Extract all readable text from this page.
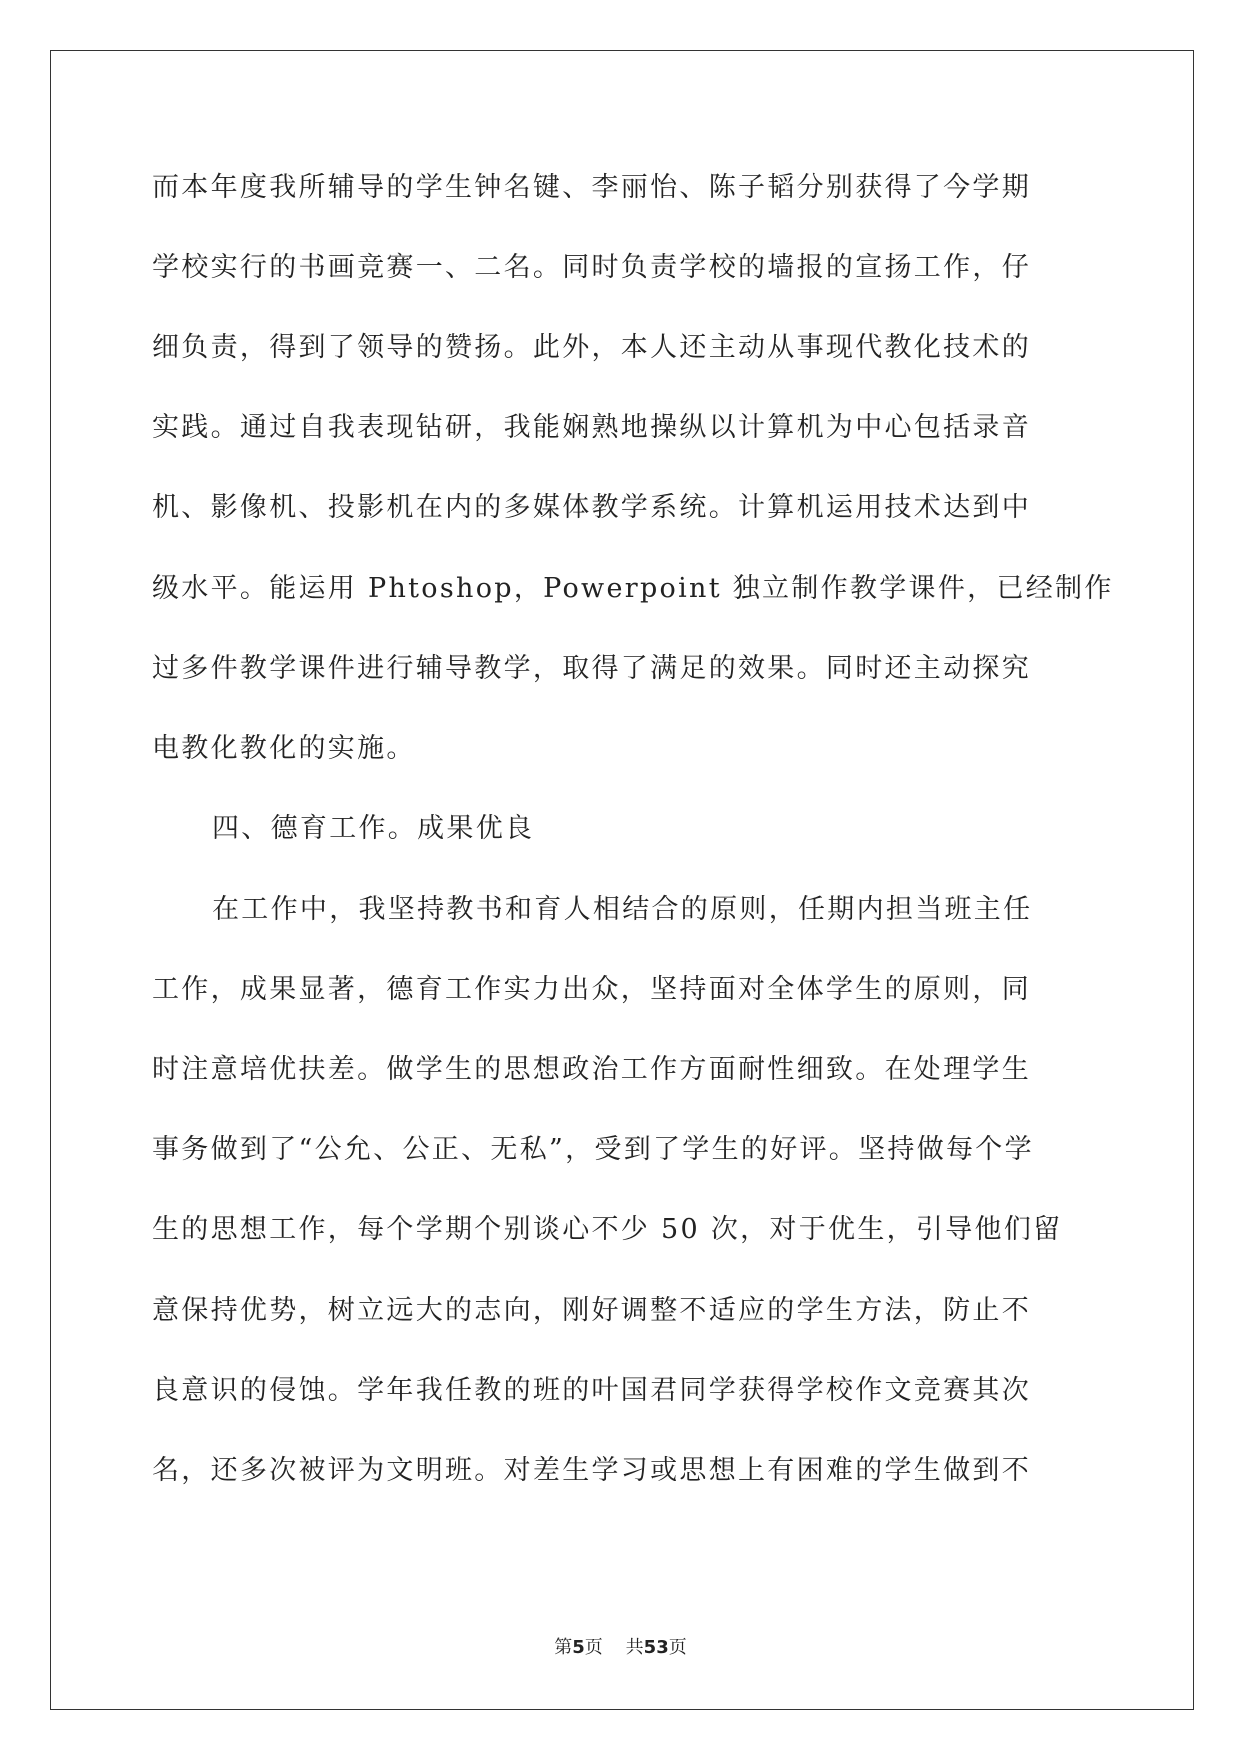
而本年度我所辅导的学生钟名键、李丽怡、陈子韬分别获得了今学期
学校实行的书画竞赛一、二名。同时负责学校的墙报的宣扬工作，仔
细负责，得到了领导的赞扬。此外，本人还主动从事现代教化技术的
实践。通过自我表现钻研，我能娴熟地操纵以计算机为中心包括录音
机、影像机、投影机在内的多媒体教学系统。计算机运用技术达到中
级水平。能运用 Phtoshop，Powerpoint 独立制作教学课件，已经制作
过多件教学课件进行辅导教学，取得了满足的效果。同时还主动探究
电教化教化的实施。
四、德育工作。成果优良
在工作中，我坚持教书和育人相结合的原则，任期内担当班主任
工作，成果显著，德育工作实力出众，坚持面对全体学生的原则，同
时注意培优扶差。做学生的思想政治工作方面耐性细致。在处理学生
事务做到了“公允、公正、无私”，受到了学生的好评。坚持做每个学
生的思想工作，每个学期个别谈心不少 50 次，对于优生，引导他们留
意保持优势，树立远大的志向，刚好调整不适应的学生方法，防止不
良意识的侵蚀。学年我任教的班的叶国君同学获得学校作文竞赛其次
名，还多次被评为文明班。对差生学习或思想上有困难的学生做到不
第5页 共53页
